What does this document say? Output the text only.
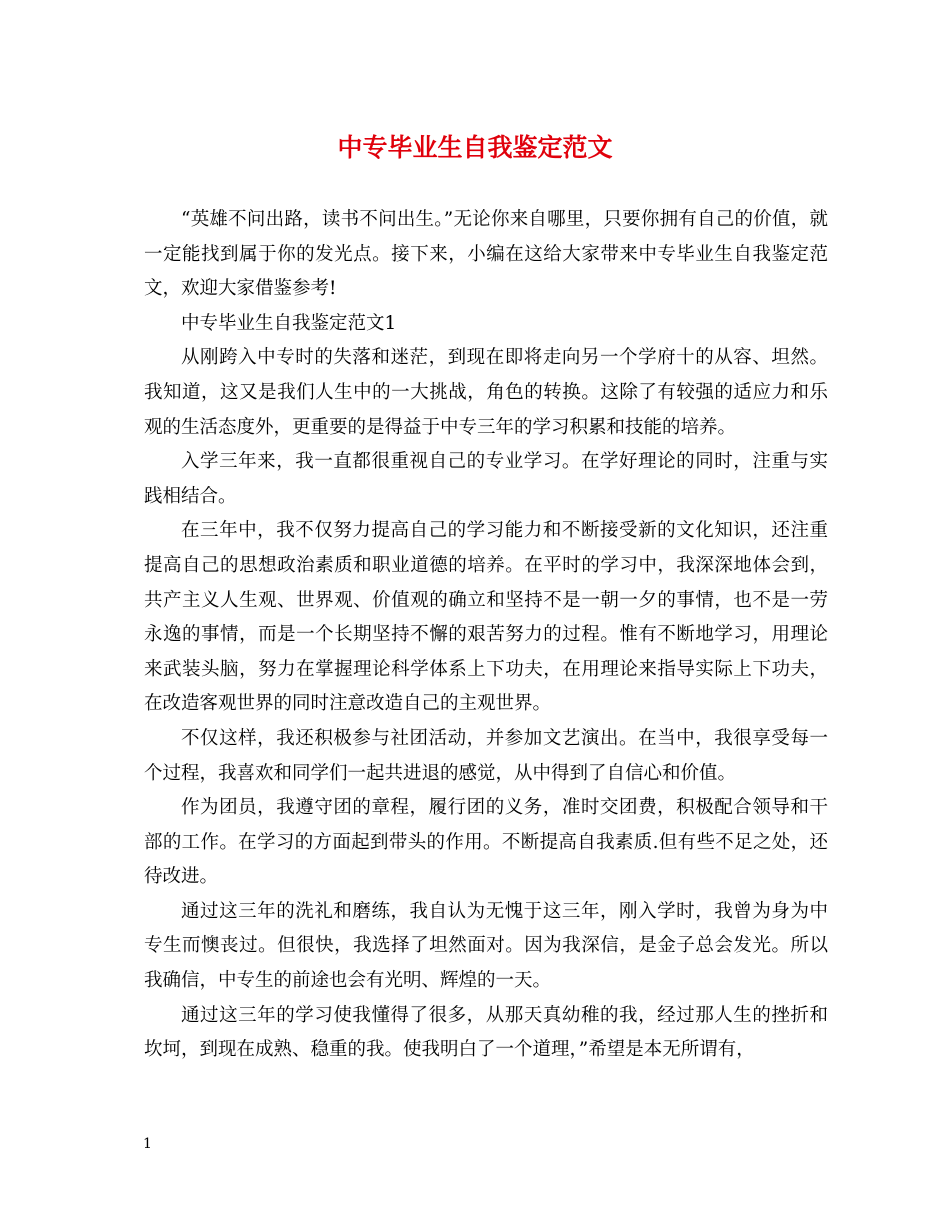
中专毕业生自我鉴定范文

“英雄不问出路，读书不问出生。”无论你来自哪里，只要你拥有自己的价值，就一定能找到属于你的发光点。接下来，小编在这给大家带来中专毕业生自我鉴定范文，欢迎大家借鉴参考!

中专毕业生自我鉴定范文1

从刚跨入中专时的失落和迷茫，到现在即将走向另一个学府十的从容、坦然。我知道，这又是我们人生中的一大挑战，角色的转换。这除了有较强的适应力和乐观的生活态度外，更重要的是得益于中专三年的学习积累和技能的培养。

入学三年来，我一直都很重视自己的专业学习。在学好理论的同时，注重与实践相结合。

在三年中，我不仅努力提高自己的学习能力和不断接受新的文化知识，还注重提高自己的思想政治素质和职业道德的培养。在平时的学习中，我深深地体会到，共产主义人生观、世界观、价值观的确立和坚持不是一朝一夕的事情，也不是一劳永逸的事情，而是一个长期坚持不懈的艰苦努力的过程。惟有不断地学习，用理论来武装头脑，努力在掌握理论科学体系上下功夫，在用理论来指导实际上下功夫，在改造客观世界的同时注意改造自己的主观世界。

不仅这样，我还积极参与社团活动，并参加文艺演出。在当中，我很享受每一个过程，我喜欢和同学们一起共进退的感觉，从中得到了自信心和价值。

作为团员，我遵守团的章程，履行团的义务，准时交团费，积极配合领导和干部的工作。在学习的方面起到带头的作用。不断提高自我素质.但有些不足之处，还待改进。

通过这三年的洗礼和磨练，我自认为无愧于这三年，刚入学时，我曾为身为中专生而懊丧过。但很快，我选择了坦然面对。因为我深信，是金子总会发光。所以我确信，中专生的前途也会有光明、辉煌的一天。

通过这三年的学习使我懂得了很多，从那天真幼稚的我，经过那人生的挫折和坎坷，到现在成熟、稳重的我。使我明白了一个道理，”希望是本无所谓有，

1
